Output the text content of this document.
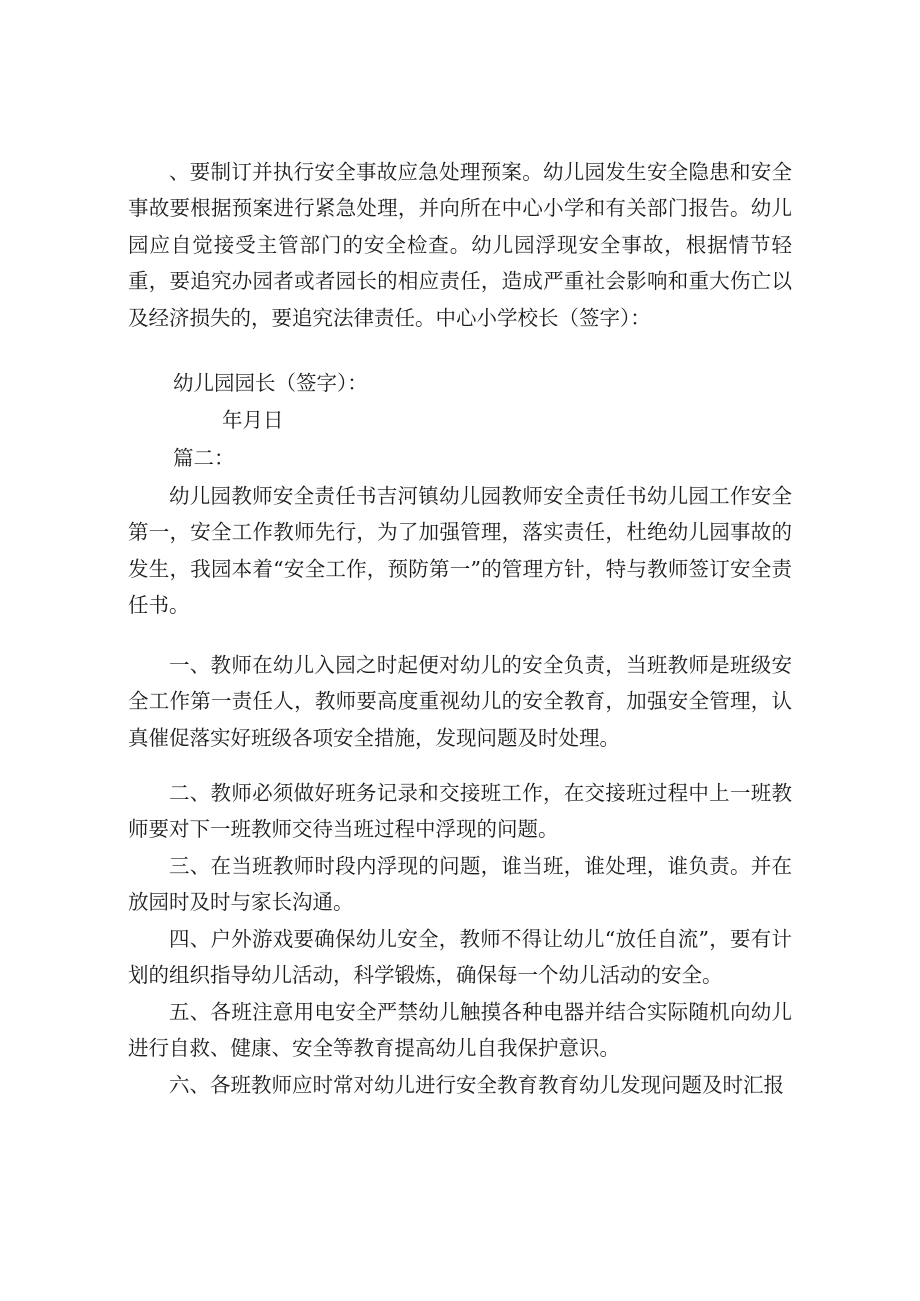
、要制订并执行安全事故应急处理预案。幼儿园发生安全隐患和安全事故要根据预案进行紧急处理，并向所在中心小学和有关部门报告。幼儿园应自觉接受主管部门的安全检查。幼儿园浮现安全事故，根据情节轻重，要追究办园者或者园长的相应责任，造成严重社会影响和重大伤亡以及经济损失的，要追究法律责任。中心小学校长（签字）：

幼儿园园长（签字）：

年月日

篇二：

幼儿园教师安全责任书吉河镇幼儿园教师安全责任书幼儿园工作安全第一，安全工作教师先行，为了加强管理，落实责任，杜绝幼儿园事故的发生，我园本着“安全工作，预防第一”的管理方针，特与教师签订安全责任书。

一、教师在幼儿入园之时起便对幼儿的安全负责，当班教师是班级安全工作第一责任人，教师要高度重视幼儿的安全教育，加强安全管理，认真催促落实好班级各项安全措施，发现问题及时处理。

二、教师必须做好班务记录和交接班工作，在交接班过程中上一班教师要对下一班教师交待当班过程中浮现的问题。

三、在当班教师时段内浮现的问题，谁当班，谁处理，谁负责。并在放园时及时与家长沟通。

四、户外游戏要确保幼儿安全，教师不得让幼儿“放任自流”，要有计划的组织指导幼儿活动，科学锻炼，确保每一个幼儿活动的安全。

五、各班注意用电安全严禁幼儿触摸各种电器并结合实际随机向幼儿进行自救、健康、安全等教育提高幼儿自我保护意识。

六、各班教师应时常对幼儿进行安全教育教育幼儿发现问题及时汇报
